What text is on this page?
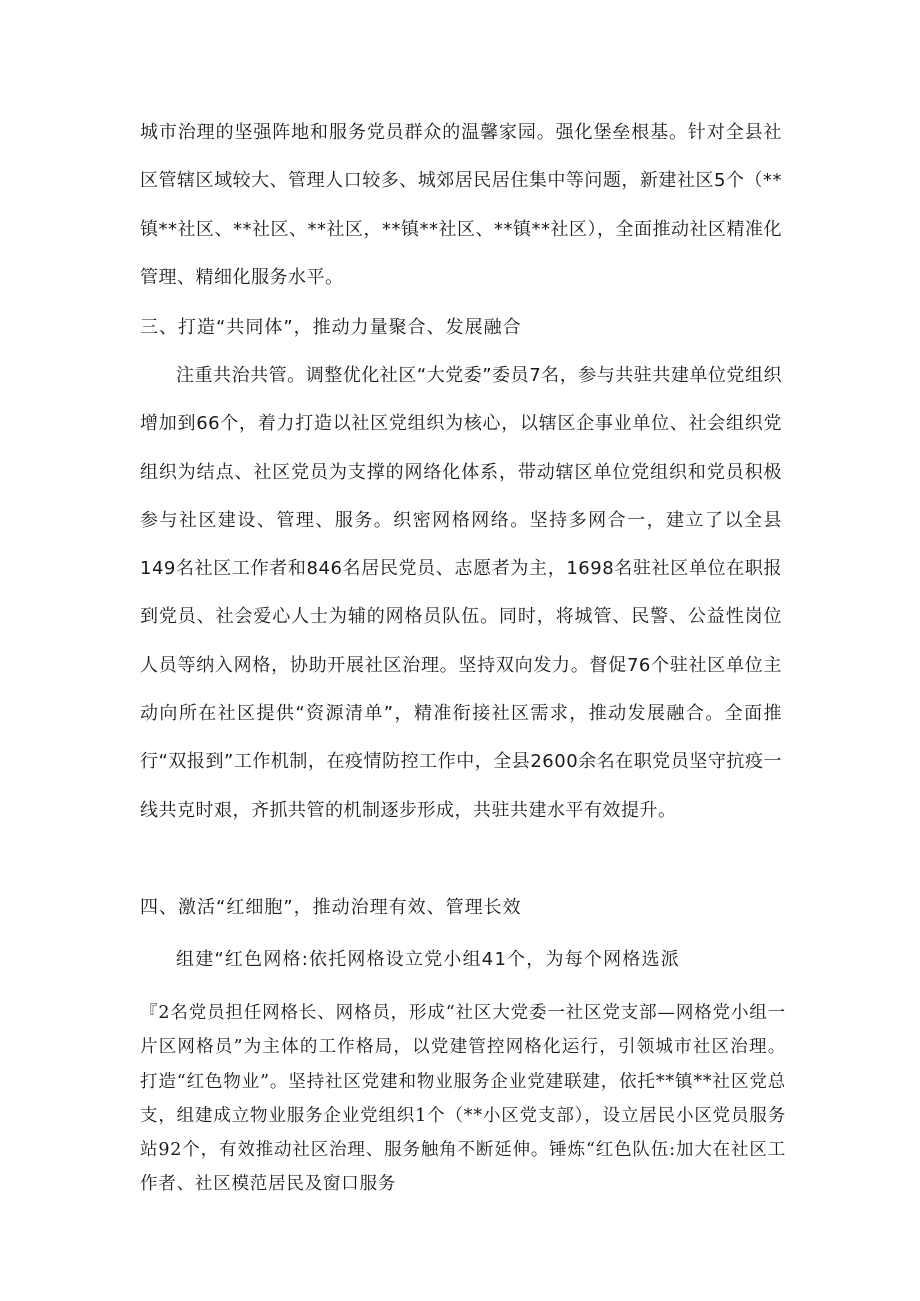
城市治理的坚强阵地和服务党员群众的温馨家园。强化堡垒根基。针对全县社区管辖区域较大、管理人口较多、城郊居民居住集中等问题，新建社区5个（**镇**社区、**社区、**社区，**镇**社区、**镇**社区），全面推动社区精准化管理、精细化服务水平。

三、打造“共同体”，推动力量聚合、发展融合

注重共治共管。调整优化社区“大党委”委员7名，参与共驻共建单位党组织增加到66个，着力打造以社区党组织为核心，以辖区企事业单位、社会组织党组织为结点、社区党员为支撑的网络化体系，带动辖区单位党组织和党员积极参与社区建设、管理、服务。织密网格网络。坚持多网合一，建立了以全县149名社区工作者和846名居民党员、志愿者为主，1698名驻社区单位在职报到党员、社会爱心人士为辅的网格员队伍。同时，将城管、民警、公益性岗位人员等纳入网格，协助开展社区治理。坚持双向发力。督促76个驻社区单位主动向所在社区提供“资源清单”，精准衔接社区需求，推动发展融合。全面推行“双报到”工作机制，在疫情防控工作中，全县2600余名在职党员坚守抗疫一线共克时艰，齐抓共管的机制逐步形成，共驻共建水平有效提升。

四、激活“红细胞”，推动治理有效、管理长效

组建“红色网格:依托网格设立党小组41个，为每个网格选派

『2名党员担任网格长、网格员，形成“社区大党委一社区党支部—网格党小组一片区网格员”为主体的工作格局，以党建管控网格化运行，引领城市社区治理。打造“红色物业”。坚持社区党建和物业服务企业党建联建，依托**镇**社区党总支，组建成立物业服务企业党组织1个（**小区党支部），设立居民小区党员服务站92个，有效推动社区治理、服务触角不断延伸。锤炼“红色队伍:加大在社区工作者、社区模范居民及窗口服务
